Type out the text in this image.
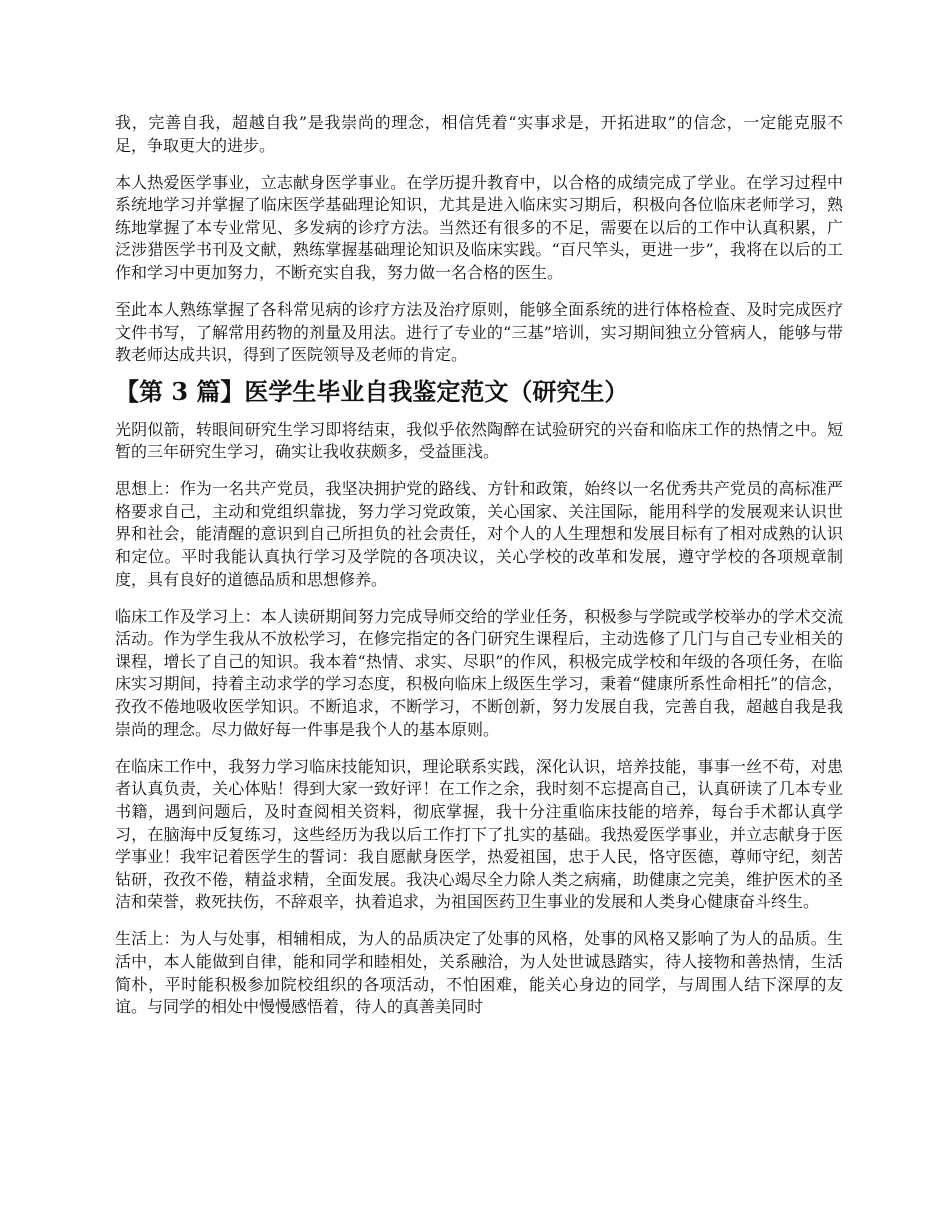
我，完善自我，超越自我”是我崇尚的理念，相信凭着“实事求是，开拓进取”的信念，一定能克服不足，争取更大的进步。

本人热爱医学事业，立志献身医学事业。在学历提升教育中，以合格的成绩完成了学业。在学习过程中系统地学习并掌握了临床医学基础理论知识，尤其是进入临床实习期后，积极向各位临床老师学习，熟练地掌握了本专业常见、多发病的诊疗方法。当然还有很多的不足，需要在以后的工作中认真积累，广泛涉猎医学书刊及文献，熟练掌握基础理论知识及临床实践。“百尺竿头，更进一步”，我将在以后的工作和学习中更加努力，不断充实自我，努力做一名合格的医生。

至此本人熟练掌握了各科常见病的诊疗方法及治疗原则，能够全面系统的进行体格检查、及时完成医疗文件书写，了解常用药物的剂量及用法。进行了专业的“三基”培训，实习期间独立分管病人，能够与带教老师达成共识，得到了医院领导及老师的肯定。

【第 3 篇】医学生毕业自我鉴定范文（研究生）

光阴似箭，转眼间研究生学习即将结束，我似乎依然陶醉在试验研究的兴奋和临床工作的热情之中。短暂的三年研究生学习，确实让我收获颇多，受益匪浅。

思想上：作为一名共产党员，我坚决拥护党的路线、方针和政策，始终以一名优秀共产党员的高标准严格要求自己，主动和党组织靠拢，努力学习党政策，关心国家、关注国际，能用科学的发展观来认识世界和社会，能清醒的意识到自己所担负的社会责任，对个人的人生理想和发展目标有了相对成熟的认识和定位。平时我能认真执行学习及学院的各项决议，关心学校的改革和发展，遵守学校的各项规章制度，具有良好的道德品质和思想修养。

临床工作及学习上：本人读研期间努力完成导师交给的学业任务，积极参与学院或学校举办的学术交流活动。作为学生我从不放松学习，在修完指定的各门研究生课程后，主动选修了几门与自己专业相关的课程，增长了自己的知识。我本着“热情、求实、尽职”的作风，积极完成学校和年级的各项任务，在临床实习期间，持着主动求学的学习态度，积极向临床上级医生学习，秉着“健康所系性命相托”的信念，孜孜不倦地吸收医学知识。不断追求，不断学习，不断创新，努力发展自我，完善自我，超越自我是我崇尚的理念。尽力做好每一件事是我个人的基本原则。

在临床工作中，我努力学习临床技能知识，理论联系实践，深化认识，培养技能，事事一丝不苟，对患者认真负责，关心体贴！得到大家一致好评！在工作之余，我时刻不忘提高自己，认真研读了几本专业书籍，遇到问题后，及时查阅相关资料，彻底掌握，我十分注重临床技能的培养，每台手术都认真学习，在脑海中反复练习，这些经历为我以后工作打下了扎实的基础。我热爱医学事业，并立志献身于医学事业！我牢记着医学生的誓词：我自愿献身医学，热爱祖国，忠于人民，恪守医德，尊师守纪，刻苦钻研，孜孜不倦，精益求精，全面发展。我决心竭尽全力除人类之病痛，助健康之完美，维护医术的圣洁和荣誉，救死扶伤，不辞艰辛，执着追求，为祖国医药卫生事业的发展和人类身心健康奋斗终生。

生活上：为人与处事，相辅相成，为人的品质决定了处事的风格，处事的风格又影响了为人的品质。生活中，本人能做到自律，能和同学和睦相处，关系融洽，为人处世诚恳踏实，待人接物和善热情，生活简朴，平时能积极参加院校组织的各项活动，不怕困难，能关心身边的同学，与周围人结下深厚的友谊。与同学的相处中慢慢感悟着，待人的真善美同时
